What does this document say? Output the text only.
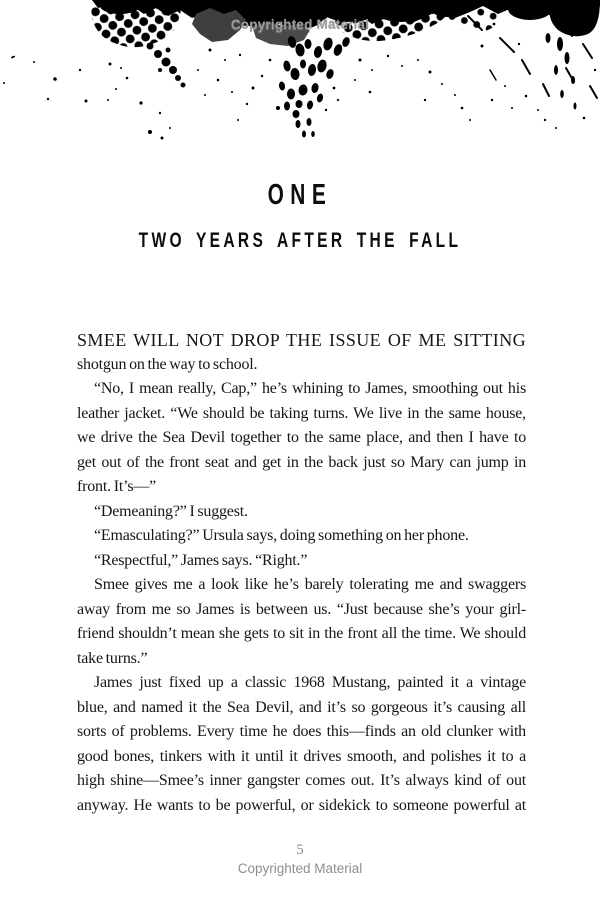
Copyrighted Material
ONE
TWO YEARS AFTER THE FALL
SMEE WILL NOT DROP THE ISSUE OF ME SITTING
shotgun on the way to school.
“No, I mean really, Cap,” he’s whining to James, smoothing out his
leather jacket. “We should be taking turns. We live in the same house,
we drive the Sea Devil together to the same place, and then I have to
get out of the front seat and get in the back just so Mary can jump in
front. It’s—”
“Demeaning?” I suggest.
“Emasculating?” Ursula says, doing something on her phone.
“Respectful,” James says. “Right.”
Smee gives me a look like he’s barely tolerating me and swaggers
away from me so James is between us. “Just because she’s your girl-
friend shouldn’t mean she gets to sit in the front all the time. We should
take turns.”
James just fixed up a classic 1968 Mustang, painted it a vintage
blue, and named it the Sea Devil, and it’s so gorgeous it’s causing all
sorts of problems. Every time he does this—finds an old clunker with
good bones, tinkers with it until it drives smooth, and polishes it to a
high shine—Smee’s inner gangster comes out. It’s always kind of out
anyway. He wants to be powerful, or sidekick to someone powerful at
5
Copyrighted Material
